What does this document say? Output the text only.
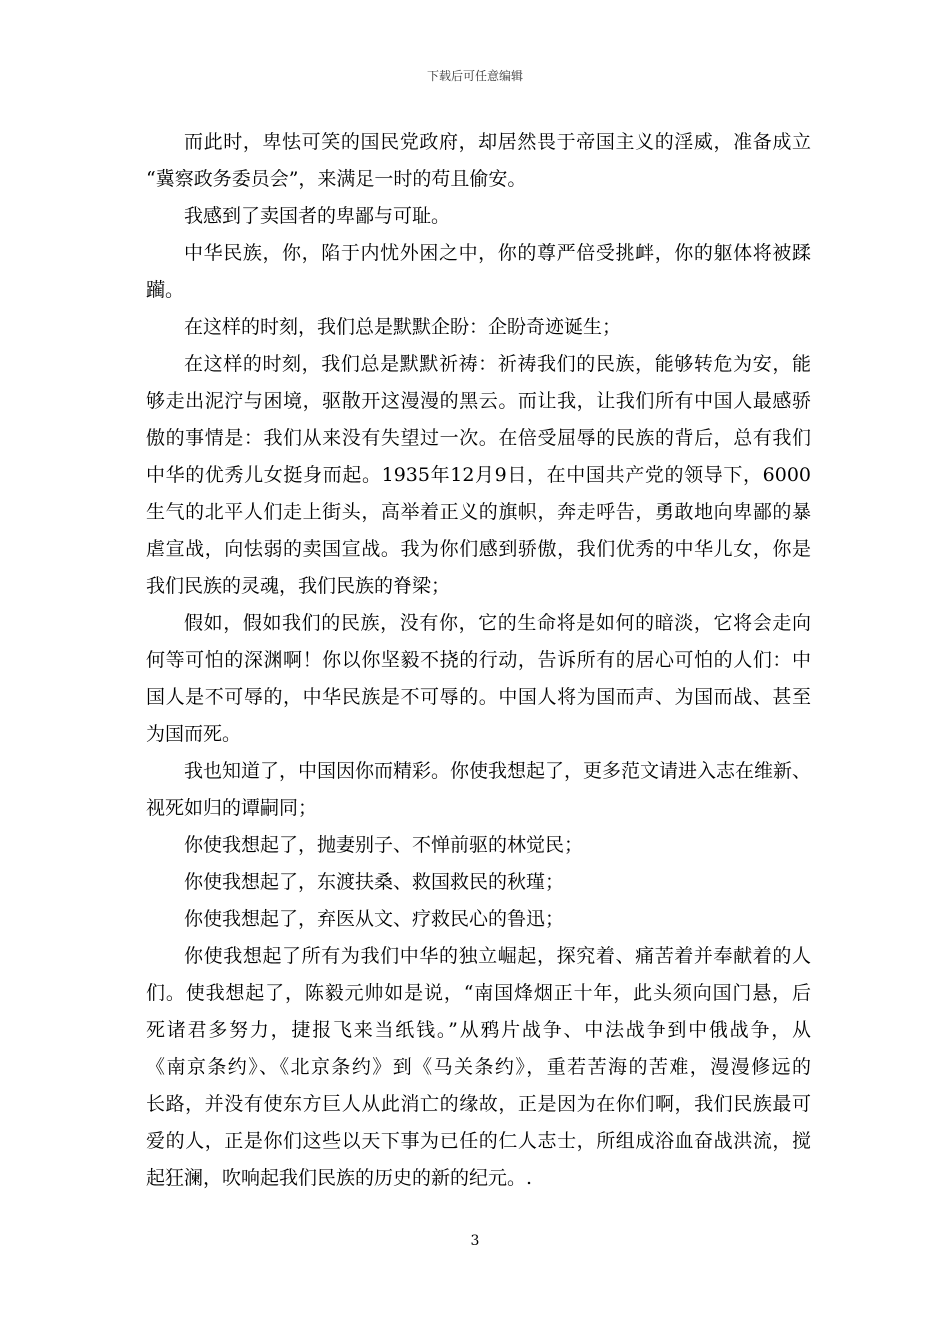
下载后可任意编辑
而此时，卑怯可笑的国民党政府，却居然畏于帝国主义的淫威，准备成立
“冀察政务委员会”，来满足一时的苟且偷安。
我感到了卖国者的卑鄙与可耻。
中华民族，你，陷于内忧外困之中，你的尊严倍受挑衅，你的躯体将被蹂
躏。
在这样的时刻，我们总是默默企盼：企盼奇迹诞生；
在这样的时刻，我们总是默默祈祷：祈祷我们的民族，能够转危为安，能
够走出泥泞与困境，驱散开这漫漫的黑云。而让我，让我们所有中国人最感骄
傲的事情是：我们从来没有失望过一次。在倍受屈辱的民族的背后，总有我们
中华的优秀儿女挺身而起。1935年12月9日，在中国共产党的领导下，6000
生气的北平人们走上街头，高举着正义的旗帜，奔走呼告，勇敢地向卑鄙的暴
虐宣战，向怯弱的卖国宣战。我为你们感到骄傲，我们优秀的中华儿女，你是
我们民族的灵魂，我们民族的脊梁；
假如，假如我们的民族，没有你，它的生命将是如何的暗淡，它将会走向
何等可怕的深渊啊！你以你坚毅不挠的行动，告诉所有的居心可怕的人们：中
国人是不可辱的，中华民族是不可辱的。中国人将为国而声、为国而战、甚至
为国而死。
我也知道了，中国因你而精彩。你使我想起了，更多范文请进入志在维新、
视死如归的谭嗣同；
你使我想起了，抛妻别子、不惮前驱的林觉民；
你使我想起了，东渡扶桑、救国救民的秋瑾；
你使我想起了，弃医从文、疗救民心的鲁迅；
你使我想起了所有为我们中华的独立崛起，探究着、痛苦着并奉献着的人
们。使我想起了，陈毅元帅如是说，“南国烽烟正十年，此头须向国门悬，后
死诸君多努力，捷报飞来当纸钱。”从鸦片战争、中法战争到中俄战争，从
《南京条约》、《北京条约》到《马关条约》，重若苦海的苦难，漫漫修远的
长路，并没有使东方巨人从此消亡的缘故，正是因为在你们啊，我们民族最可
爱的人，正是你们这些以天下事为已任的仁人志士，所组成浴血奋战洪流，搅
起狂澜，吹响起我们民族的历史的新的纪元。.
3
